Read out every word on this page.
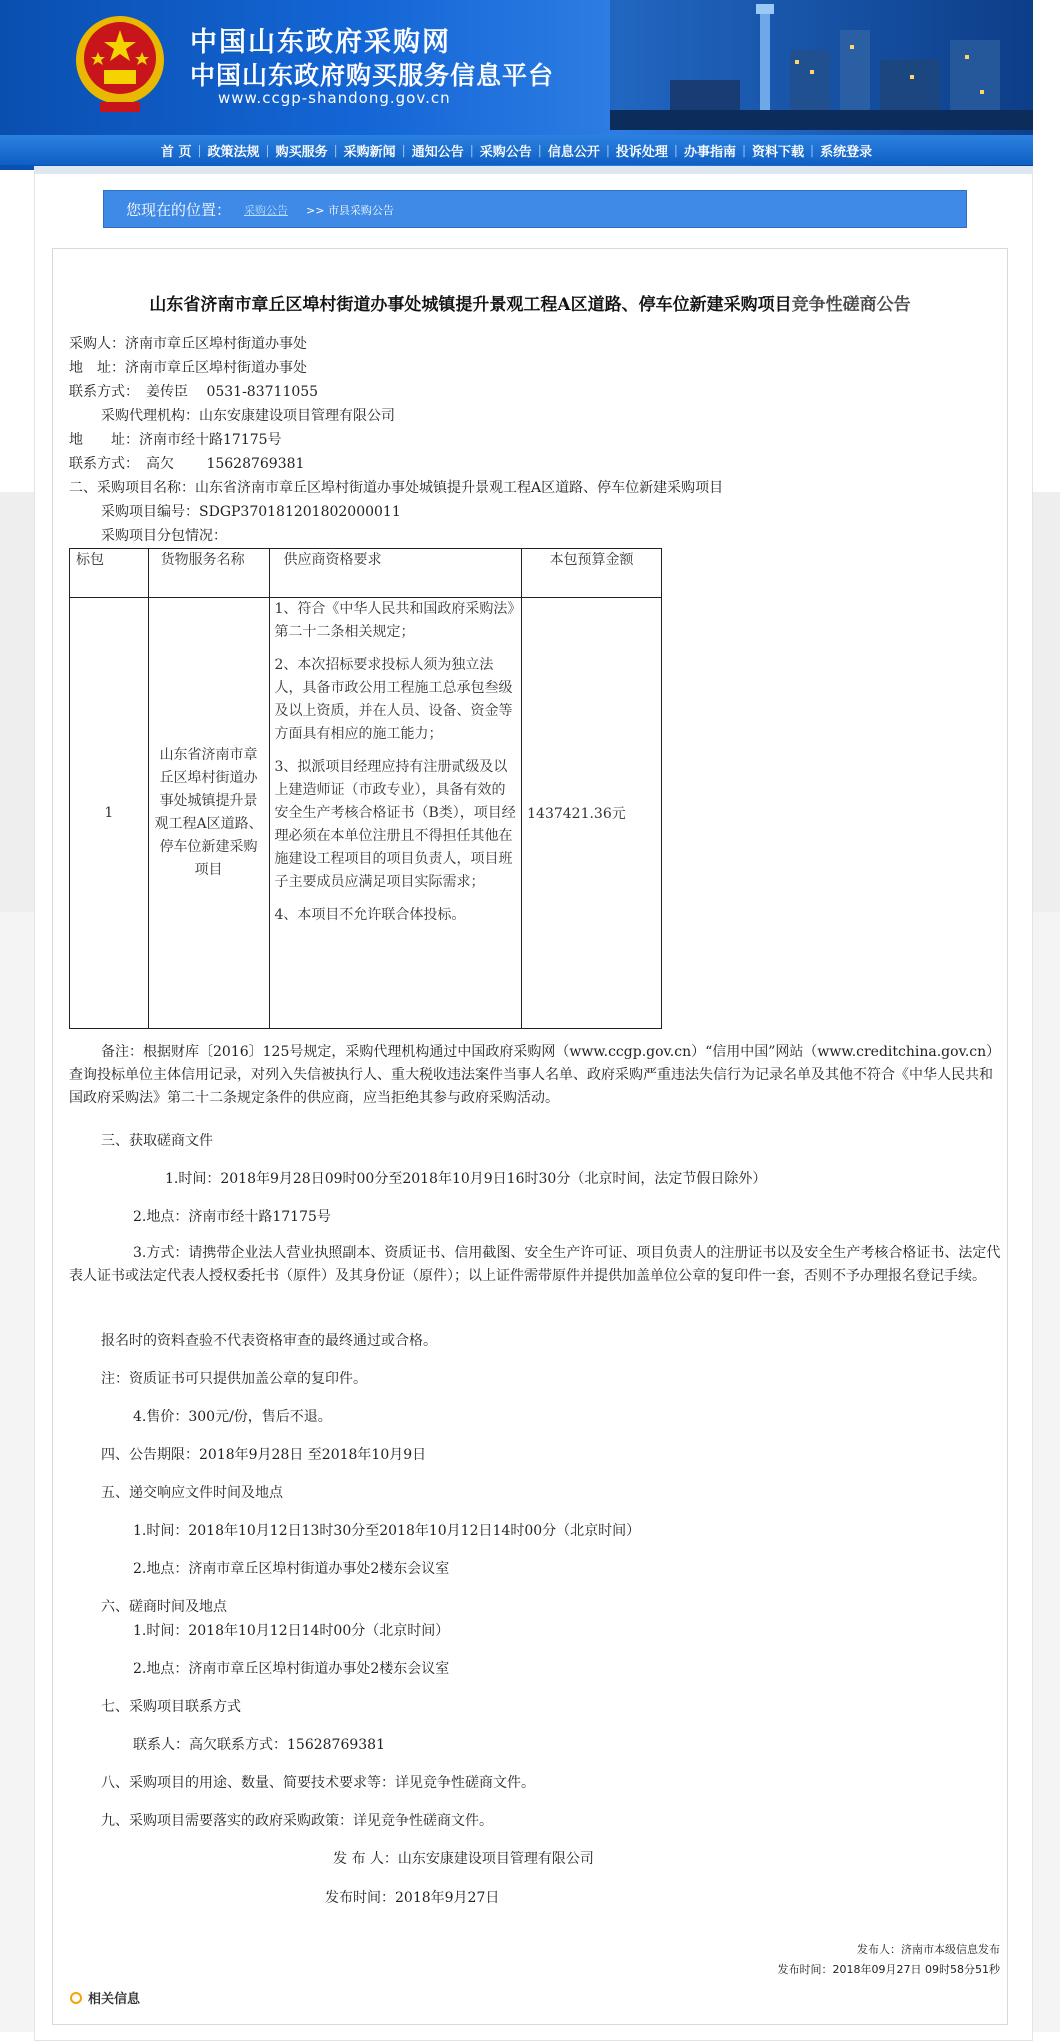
中国山东政府采购网
中国山东政府购买服务信息平台
www.ccgp-shandong.gov.cn
首 页 | 政策法规 | 购买服务 | 采购新闻 | 通知公告 | 采购公告 | 信息公开 | 投诉处理 | 办事指南 | 资料下载 | 系统登录
您现在的位置： 采购公告 >> 市县采购公告
山东省济南市章丘区埠村街道办事处城镇提升景观工程A区道路、停车位新建采购项目竞争性磋商公告
采购人：济南市章丘区埠村街道办事处
地　址：济南市章丘区埠村街道办事处
联系方式：　姜传臣　 0531-83711055
采购代理机构：山东安康建设项目管理有限公司
地　　址：济南市经十路17175号
联系方式：　高欠　　 15628769381
二、采购项目名称：山东省济南市章丘区埠村街道办事处城镇提升景观工程A区道路、停车位新建采购项目
采购项目编号：SDGP370181201802000011
采购项目分包情况：
标包	货物服务名称	供应商资格要求	本包预算金额
1	山东省济南市章丘区埠村街道办事处城镇提升景观工程A区道路、停车位新建采购项目	1、符合《中华人民共和国政府采购法》第二十二条相关规定；

2、本次招标要求投标人须为独立法人，具备市政公用工程施工总承包叁级及以上资质，并在人员、设备、资金等方面具有相应的施工能力；

3、拟派项目经理应持有注册贰级及以上建造师证（市政专业），具备有效的安全生产考核合格证书（B类），项目经理必须在本单位注册且不得担任其他在施建设工程项目的项目负责人，项目班子主要成员应满足项目实际需求；

4、本项目不允许联合体投标。	1437421.36元
备注：根据财库〔2016〕125号规定，采购代理机构通过中国政府采购网（www.ccgp.gov.cn）“信用中国”网站（www.creditchina.gov.cn）查询投标单位主体信用记录，对列入失信被执行人、重大税收违法案件当事人名单、政府采购严重违法失信行为记录名单及其他不符合《中华人民共和国政府采购法》第二十二条规定条件的供应商，应当拒绝其参与政府采购活动。
三、获取磋商文件
1.时间：2018年9月28日09时00分至2018年10月9日16时30分（北京时间，法定节假日除外）
2.地点：济南市经十路17175号
3.方式：请携带企业法人营业执照副本、资质证书、信用截图、安全生产许可证、项目负责人的注册证书以及安全生产考核合格证书、法定代表人证书或法定代表人授权委托书（原件）及其身份证（原件）；以上证件需带原件并提供加盖单位公章的复印件一套，否则不予办理报名登记手续。
报名时的资料查验不代表资格审查的最终通过或合格。
注：资质证书可只提供加盖公章的复印件。
4.售价：300元/份，售后不退。
四、公告期限：2018年9月28日 至2018年10月9日
五、递交响应文件时间及地点
1.时间：2018年10月12日13时30分至2018年10月12日14时00分（北京时间）
2.地点：济南市章丘区埠村街道办事处2楼东会议室
六、磋商时间及地点
1.时间：2018年10月12日14时00分（北京时间）
2.地点：济南市章丘区埠村街道办事处2楼东会议室
七、采购项目联系方式
联系人：高欠联系方式：15628769381
八、采购项目的用途、数量、简要技术要求等：详见竞争性磋商文件。
九、采购项目需要落实的政府采购政策：详见竞争性磋商文件。
发 布 人：山东安康建设项目管理有限公司
发布时间：2018年9月27日
发布人：济南市本级信息发布
发布时间：2018年09月27日 09时58分51秒
相关信息
